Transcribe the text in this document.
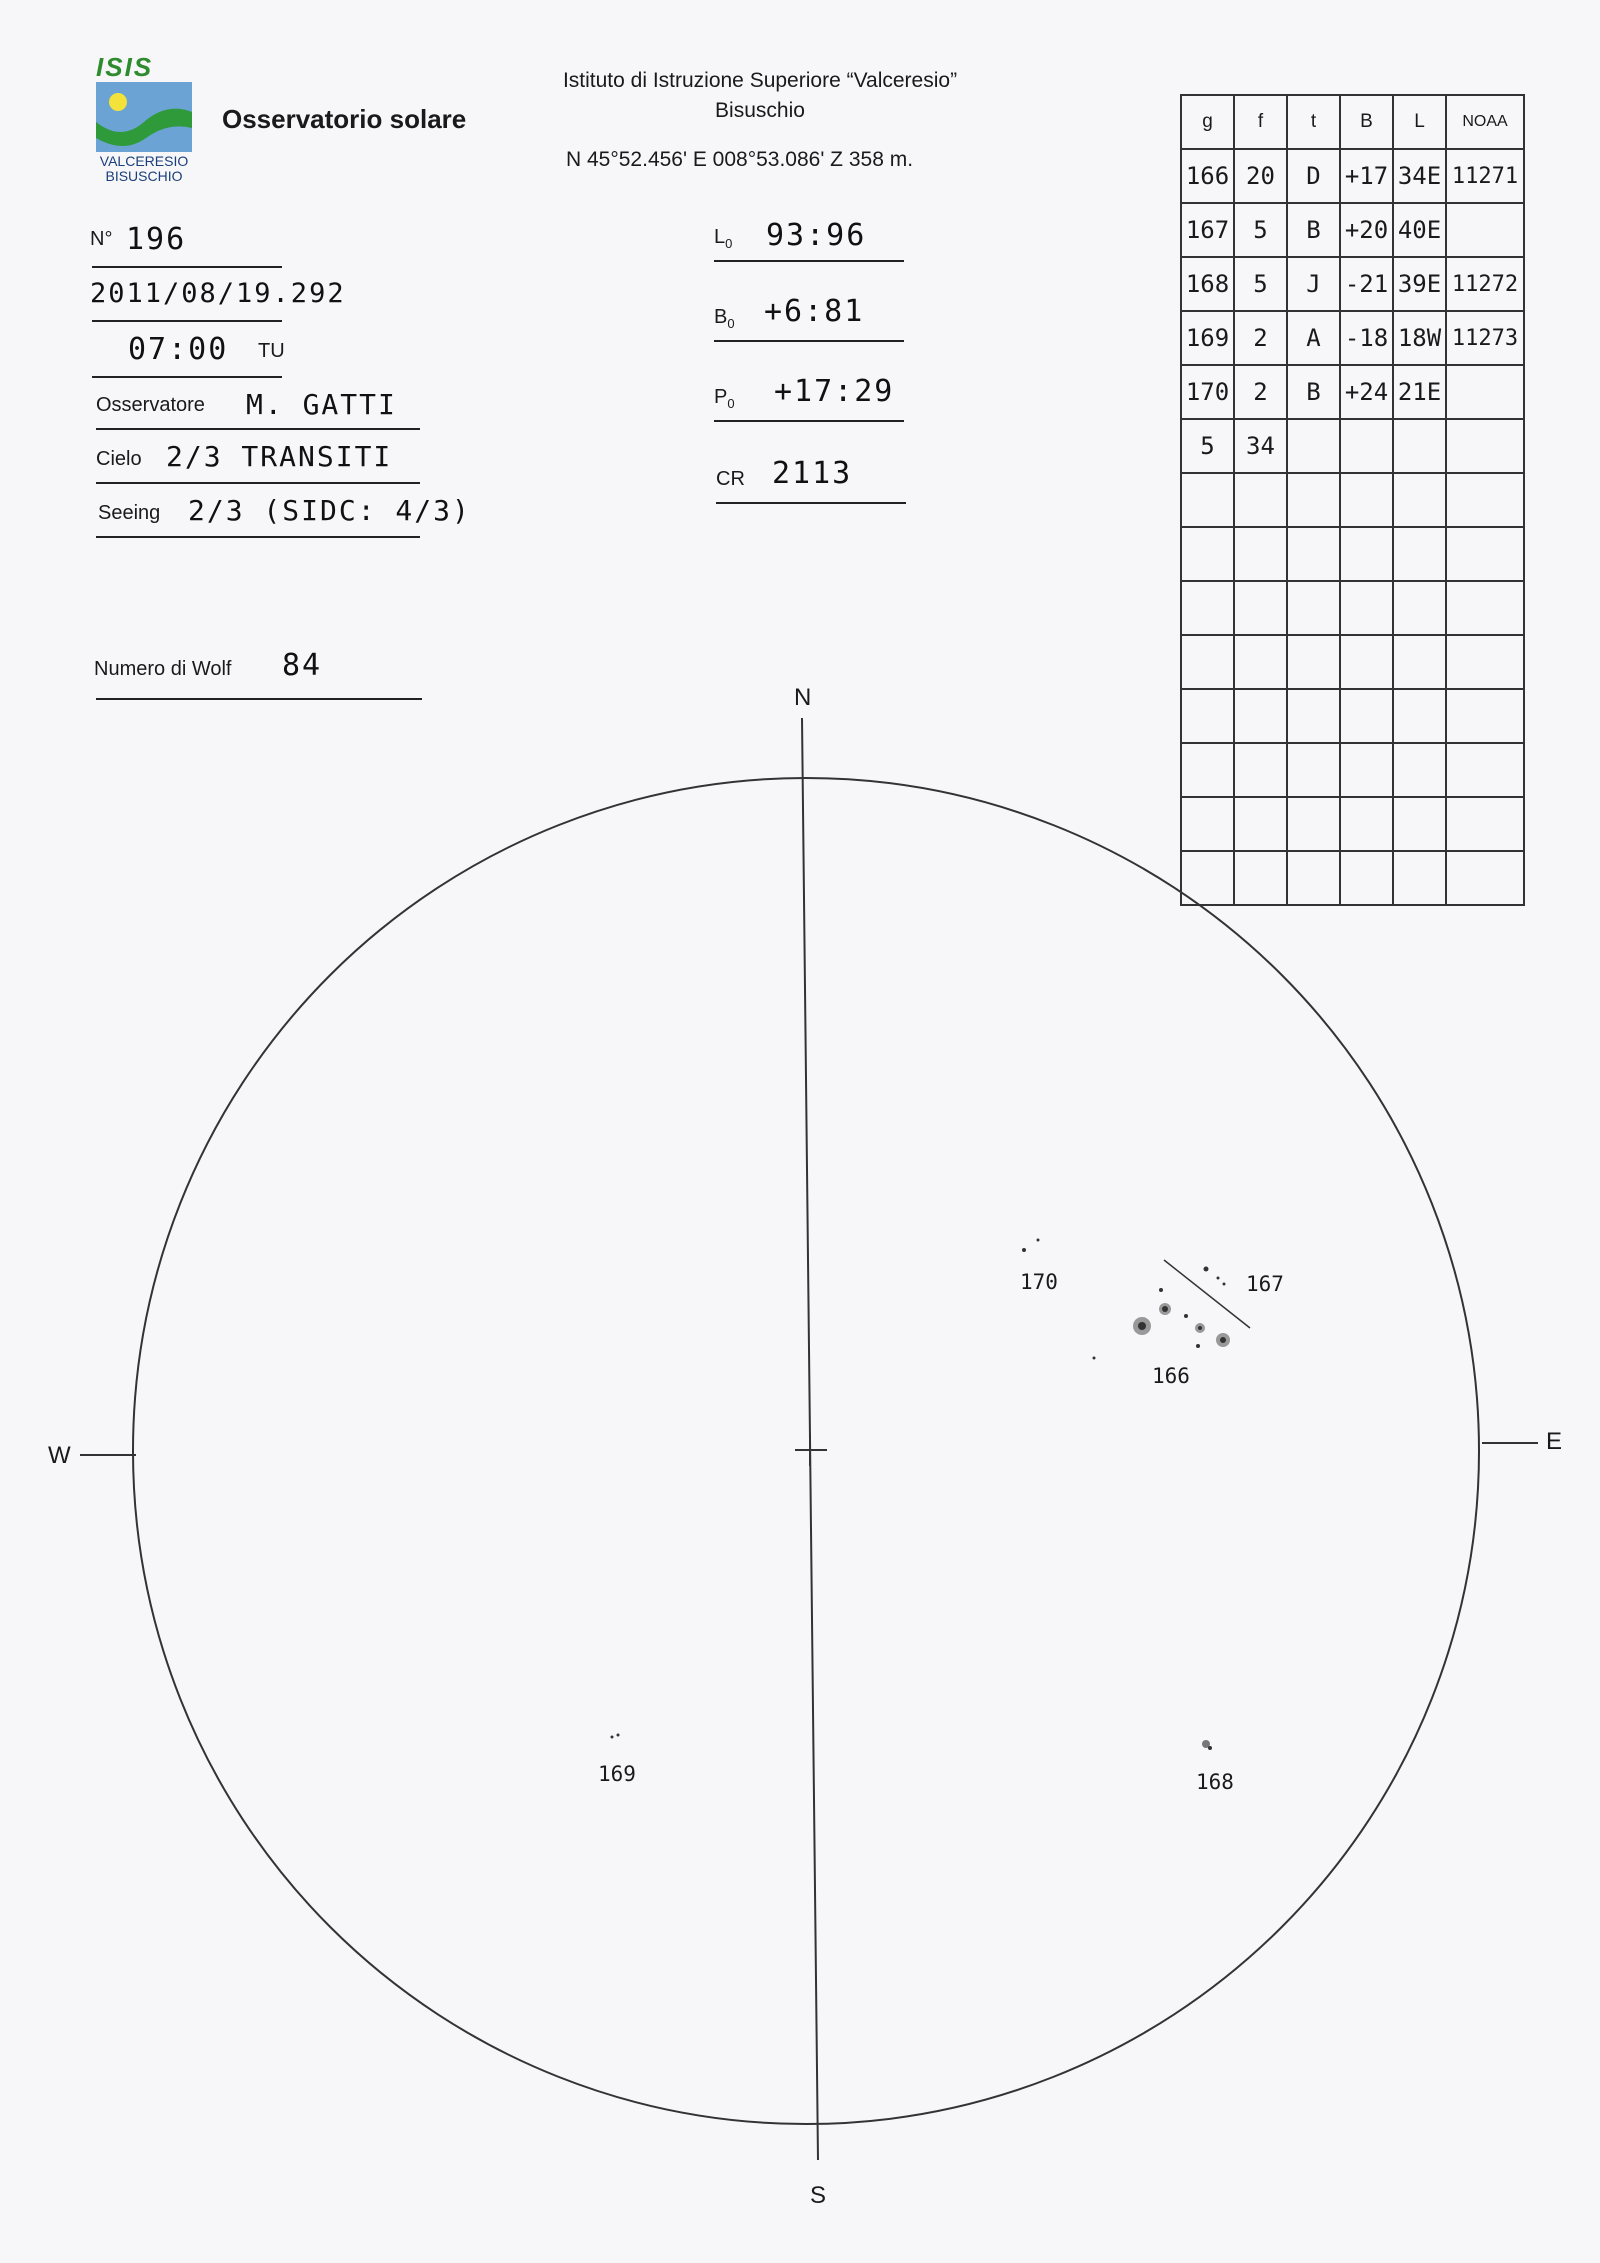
ISIS
VALCERESIO
BISUSCHIO
Osservatorio solare
Istituto di Istruzione Superiore “Valceresio”
Bisuschio
N 45°52.456' E 008°53.086' Z 358 m.
N° 196
2011/08/19.292
07:00 TU
Osservatore M. GATTI
Cielo 2/3 TRANSITI
Seeing 2/3 (SIDC: 4/3)
Numero di Wolf 84
$L_0$ 93:96
$B_0$ +6:81
$P_0$ +17:29
CR 2113
g	f	t	B	L	NOAA
166	20	D	+17	34E	11271
167	5	B	+20	40E	
168	5	J	-21	39E	11272
169	2	A	-18	18W	11273
170	2	B	+24	21E	
5	34				

N
S
E
W
170	167
166
168
169
